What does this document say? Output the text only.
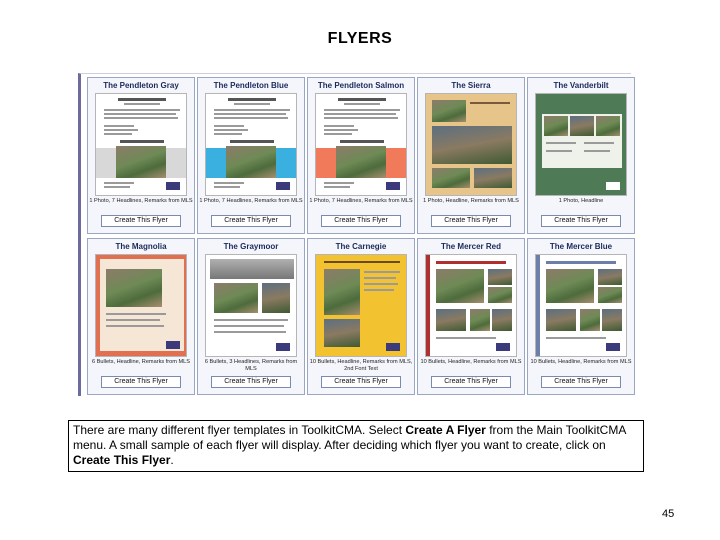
FLYERS
The Pendleton Gray
1 Photo, 7 Headlines, Remarks from MLS
Create This Flyer
The Pendleton Blue
1 Photo, 7 Headlines, Remarks from MLS
Create This Flyer
The Pendleton Salmon
1 Photo, 7 Headlines, Remarks from MLS
Create This Flyer
The Sierra
1 Photo, Headline, Remarks from MLS
Create This Flyer
The Vanderbilt
1 Photo, Headline
Create This Flyer
The Magnolia
6 Bullets, Headline, Remarks from MLS
Create This Flyer
The Graymoor
6 Bullets, 3 Headlines, Remarks from MLS
Create This Flyer
The Carnegie
10 Bullets, Headline, Remarks from MLS, 2nd Font Text
Create This Flyer
The Mercer Red
10 Bullets, Headline, Remarks from MLS
Create This Flyer
The Mercer Blue
10 Bullets, Headline, Remarks from MLS
Create This Flyer
There are many different flyer templates in ToolkitCMA. Select Create A Flyer from the Main ToolkitCMA menu. A small sample of each flyer will display. After deciding which flyer you want to create, click on Create This Flyer.
45
